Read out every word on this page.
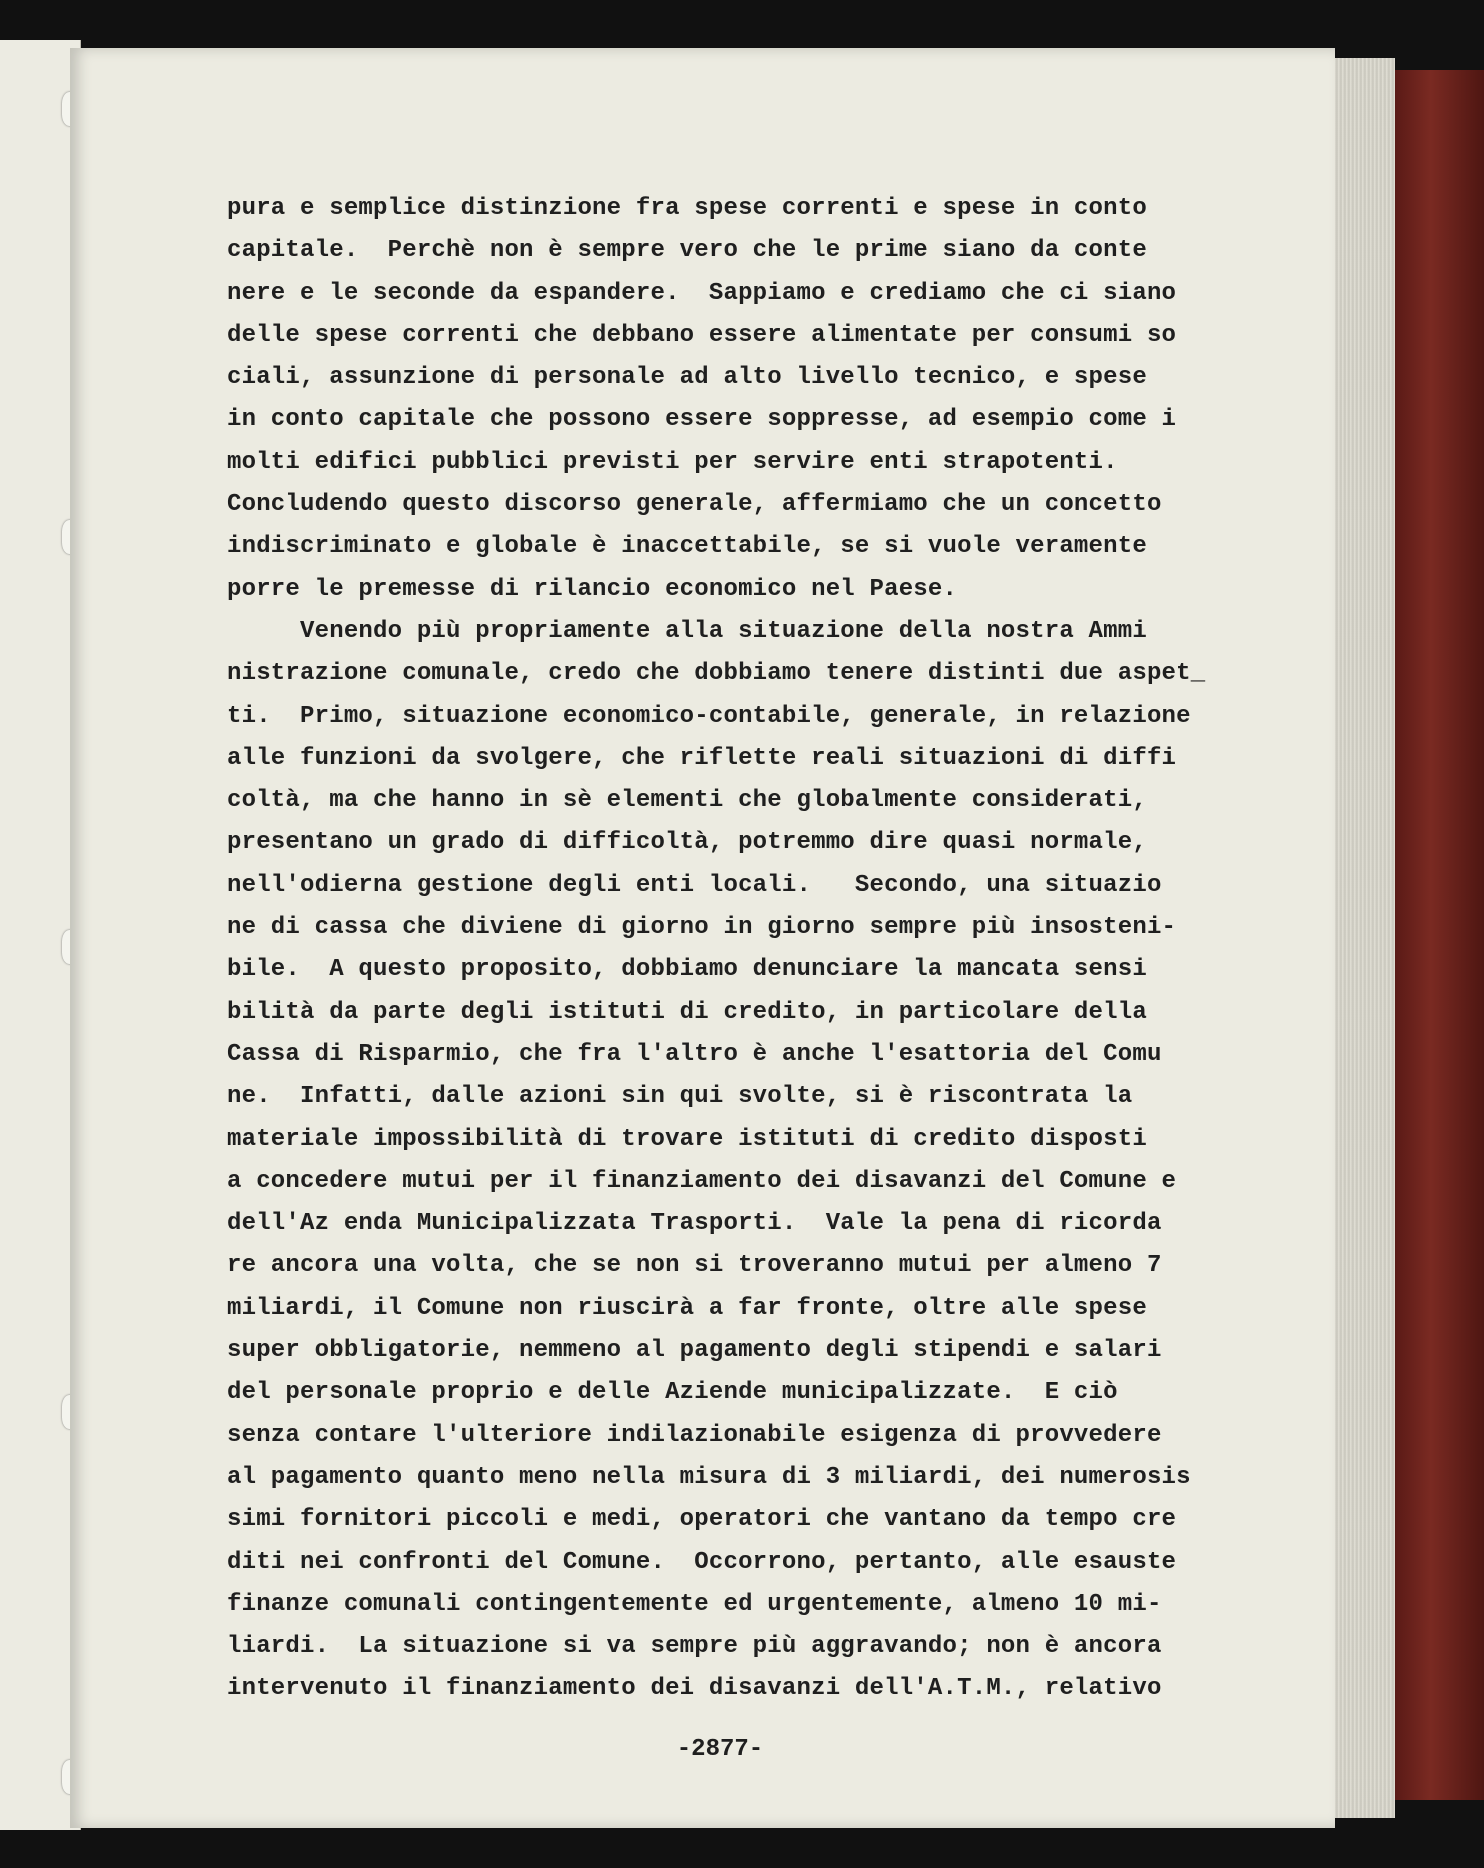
pura e semplice distinzione fra spese correnti e spese in conto

capitale.  Perchè non è sempre vero che le prime siano da conte

nere e le seconde da espandere.  Sappiamo e crediamo che ci siano

delle spese correnti che debbano essere alimentate per consumi so

ciali, assunzione di personale ad alto livello tecnico, e spese

in conto capitale che possono essere soppresse, ad esempio come i

molti edifici pubblici previsti per servire enti strapotenti.

Concludendo questo discorso generale, affermiamo che un concetto

indiscriminato e globale è inaccettabile, se si vuole veramente

porre le premesse di rilancio economico nel Paese.

Venendo più propriamente alla situazione della nostra Ammi

nistrazione comunale, credo che dobbiamo tenere distinti due aspet_

ti.  Primo, situazione economico-contabile, generale, in relazione

alle funzioni da svolgere, che riflette reali situazioni di diffi

coltà, ma che hanno in sè elementi che globalmente considerati,

presentano un grado di difficoltà, potremmo dire quasi normale,

nell'odierna gestione degli enti locali.   Secondo, una situazio

ne di cassa che diviene di giorno in giorno sempre più insosteni-

bile.  A questo proposito, dobbiamo denunciare la mancata sensi

bilità da parte degli istituti di credito, in particolare della

Cassa di Risparmio, che fra l'altro è anche l'esattoria del Comu

ne.  Infatti, dalle azioni sin qui svolte, si è riscontrata la

materiale impossibilità di trovare istituti di credito disposti

a concedere mutui per il finanziamento dei disavanzi del Comune e

dell'Az enda Municipalizzata Trasporti.  Vale la pena di ricorda

re ancora una volta, che se non si troveranno mutui per almeno 7

miliardi, il Comune non riuscirà a far fronte, oltre alle spese

super obbligatorie, nemmeno al pagamento degli stipendi e salari

del personale proprio e delle Aziende municipalizzate.  E ciò

senza contare l'ulteriore indilazionabile esigenza di provvedere

al pagamento quanto meno nella misura di 3 miliardi, dei numerosis

simi fornitori piccoli e medi, operatori che vantano da tempo cre

diti nei confronti del Comune.  Occorrono, pertanto, alle esauste

finanze comunali contingentemente ed urgentemente, almeno 10 mi-

liardi.  La situazione si va sempre più aggravando; non è ancora

intervenuto il finanziamento dei disavanzi dell'A.T.M., relativo

-2877-
